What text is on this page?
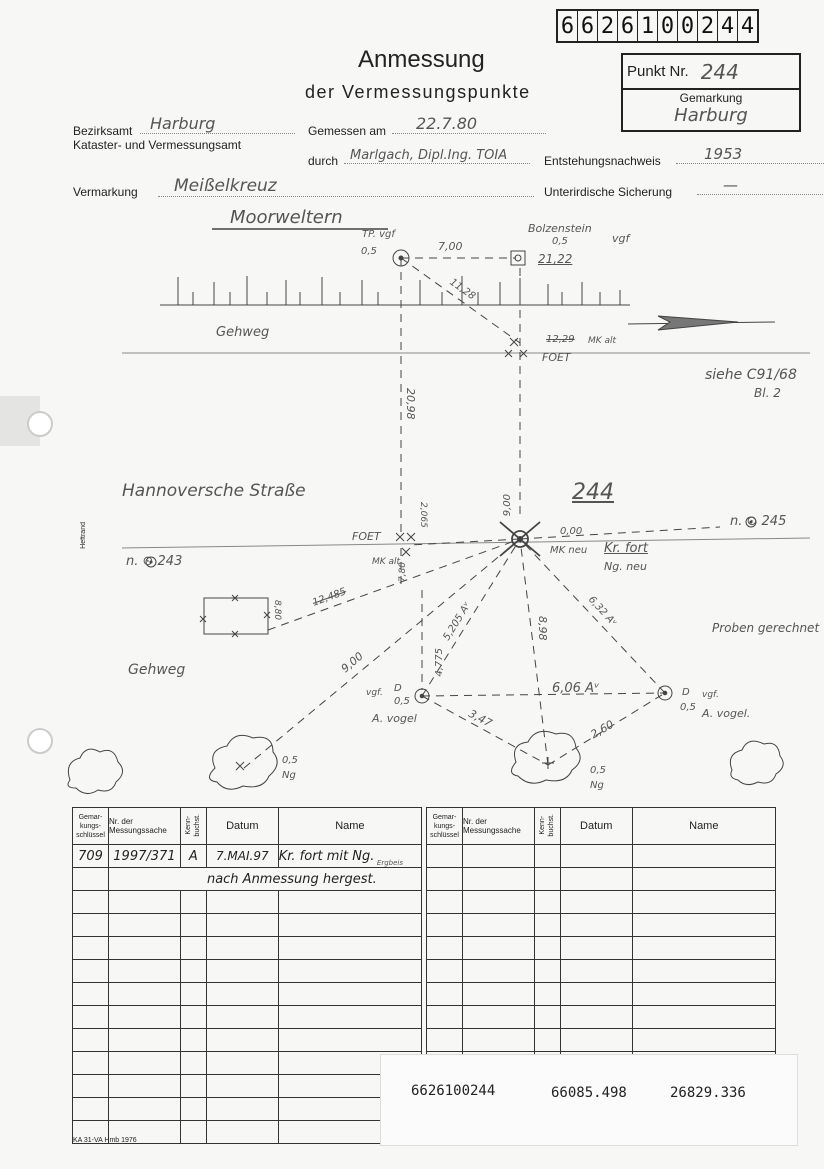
6 6 2 6 1 0 0 2 4 4
Anmessung
der Vermessungspunkte
Punkt Nr. 244
Gemarkung
Harburg
Bezirksamt	Harburg
Kataster- und Vermessungsamt
Gemessen am	22.7.80
durch Marlgach, Dipl.Ing. TOIA	Entstehungsnachweis	1953
Vermarkung	Meißelkreuz	Unterirdische Sicherung	—
Moorweltern
Gehweg
Gehweg
Hannoversche Straße	244
siehe C91/68
Bl. 2
Heftrand
Proben gerechnet
TP. vgf
0,5
Bolzenstein
0,5	vgf
7,00
21,22
11,28
12,29 MK alt
FOET
20,98
9,00
0,00
n. ⊙ 245
n. ⊙ 243
FOET
MK alt
2,065
7,80
MK neu Kr. fort
Ng. neu
12,485
8,80
9,00	4,775
5,205 Aᵛ	8,98	6,32 Aᵛ
6,06 Aᵛ
3,47	2,60
D
0,5
vgf.
A. vogel
D
0,5
vgf.
A. vogel.
0,5
Ng	0,5
Ng
Gemar-
kungs-
schlüssel	Nr. der
Messungssache	Kenn-
buchst.	Datum	Name
709	1997/371	A	7.MAI.97	Kr. fort mit Ng. Ergbeis

	nach Anmessung hergest.			

Gemar-
kungs-
schlüssel	Nr. der
Messungssache	Kenn-
buchst.	Datum	Name

6626100244	66085.498	26829.336
KA 31-VA Hmb 1976
